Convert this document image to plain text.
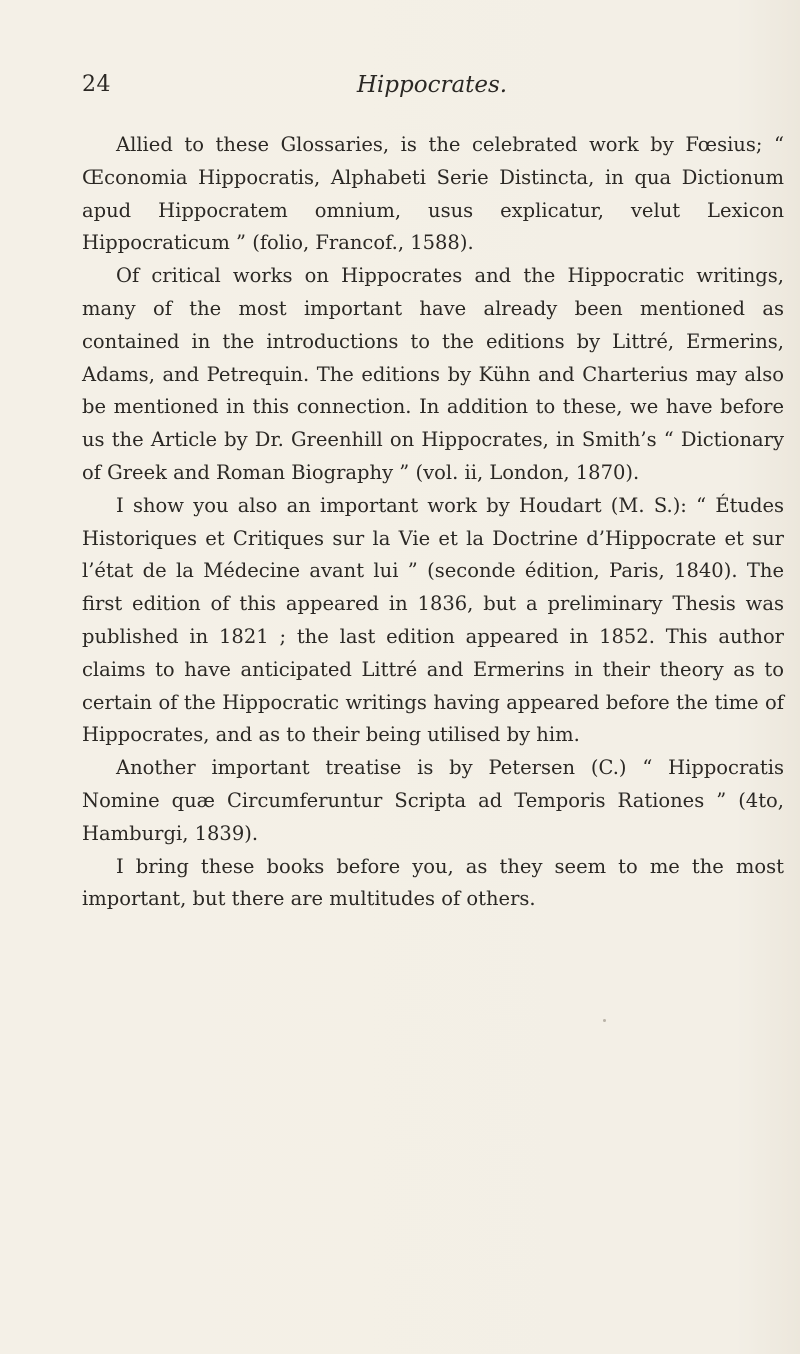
24	Hippocrates.

Allied to these Glossaries, is the celebrated work by Fœsius; “ Œconomia Hippocratis, Alphabeti Serie Distincta, in qua Dictionum apud Hippocratem omnium, usus explicatur, velut Lexicon Hippocraticum ” (folio, Francof., 1588).

Of critical works on Hippocrates and the Hippocratic writings, many of the most important have already been mentioned as contained in the introductions to the editions by Littré, Ermerins, Adams, and Petrequin. The editions by Kühn and Charterius may also be mentioned in this connection. In addition to these, we have before us the Article by Dr. Greenhill on Hippocrates, in Smith’s “ Dictionary of Greek and Roman Biography ” (vol. ii, London, 1870).

I show you also an important work by Houdart (M. S.): “ Études Historiques et Critiques sur la Vie et la Doctrine d’Hippocrate et sur l’état de la Médecine avant lui ” (seconde édition, Paris, 1840). The first edition of this appeared in 1836, but a preliminary Thesis was published in 1821 ; the last edition appeared in 1852. This author claims to have anticipated Littré and Ermerins in their theory as to certain of the Hippocratic writings having appeared before the time of Hippocrates, and as to their being utilised by him.

Another important treatise is by Petersen (C.) “ Hippocratis Nomine quæ Circumferuntur Scripta ad Temporis Rationes ” (4to, Hamburgi, 1839).

I bring these books before you, as they seem to me the most important, but there are multitudes of others.
